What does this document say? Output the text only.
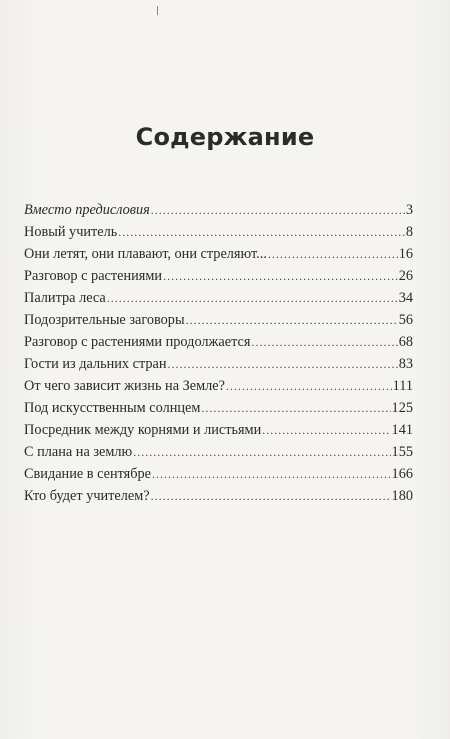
Содержание
Вместо предисловия . . .	3
Новый учитель . . .	8
Они летят, они плавают, они стреляют... . . .	16
Разговор с растениями . . .	26
Палитра леса . . .	34
Подозрительные заговоры . . .	56
Разговор с растениями продолжается . . .	68
Гости из дальних стран . . .	83
От чего зависит жизнь на Земле? . . .	111
Под искусственным солнцем . . .	125
Посредник между корнями и листьями . . .	141
С плана на землю . . .	155
Свидание в сентябре . . .	166
Кто будет учителем? . . .	180
